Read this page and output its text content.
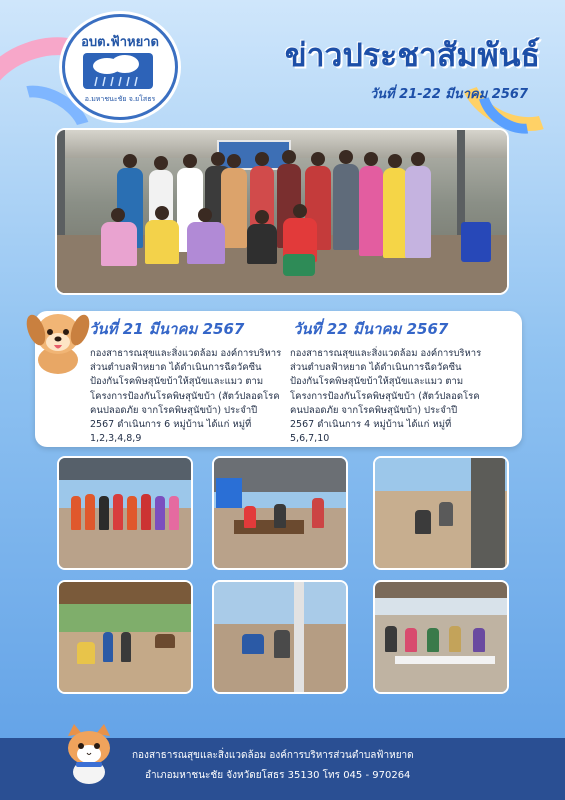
อบต.ฟ้าหยาด
อ.มหาชนะชัย จ.ยโสธร
ข่าวประชาสัมพันธ์
วันที่ 21-22 มีนาคม 2567
วันที่ 21 มีนาคม 2567
กองสาธารณสุขและสิ่งแวดล้อม องค์การบริหารส่วนตำบลฟ้าหยาด ได้ดำเนินการฉีดวัคซีนป้องกันโรคพิษสุนัขบ้าให้สุนัขและแมว ตามโครงการป้องกันโรคพิษสุนัขบ้า (สัตว์ปลอดโรค คนปลอดภัย จากโรคพิษสุนัขบ้า) ประจำปี 2567 ดำเนินการ 6 หมู่บ้าน ได้แก่ หมู่ที่ 1,2,3,4,8,9
วันที่ 22 มีนาคม 2567
กองสาธารณสุขและสิ่งแวดล้อม องค์การบริหารส่วนตำบลฟ้าหยาด ได้ดำเนินการฉีดวัคซีนป้องกันโรคพิษสุนัขบ้าให้สุนัขและแมว ตามโครงการป้องกันโรคพิษสุนัขบ้า (สัตว์ปลอดโรค คนปลอดภัย จากโรคพิษสุนัขบ้า) ประจำปี 2567 ดำเนินการ 4 หมู่บ้าน ได้แก่ หมู่ที่ 5,6,7,10
กองสาธารณสุขและสิ่งแวดล้อม องค์การบริหารส่วนตำบลฟ้าหยาด
อำเภอมหาชนะชัย จังหวัดยโสธร 35130 โทร 045 - 970264
